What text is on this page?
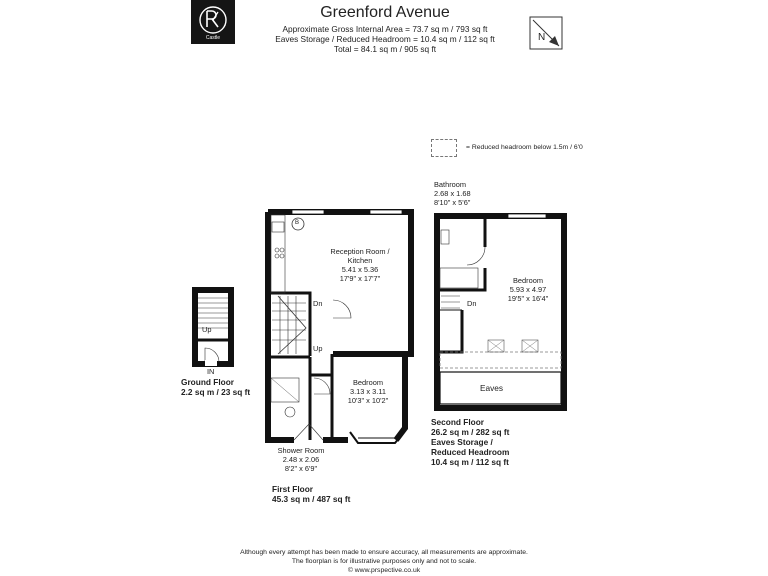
Castle
Greenford Avenue
Approximate Gross Internal Area = 73.7 sq m / 793 sq ft
Eaves Storage / Reduced Headroom = 10.4 sq m / 112 sq ft
Total = 84.1 sq m / 905 sq ft
N
= Reduced headroom below 1.5m / 6'0
Up
IN
Ground Floor
2.2 sq m / 23 sq ft
B
Reception Room /
Kitchen
5.41 x 5.36
17'9" x 17'7"
Dn
Up
Bedroom
3.13 x 3.11
10'3" x 10'2"
Shower Room
2.48 x 2.06
8'2" x 6'9"
First Floor
45.3 sq m / 487 sq ft
Bathroom
2.68 x 1.68
8'10" x 5'6"
Bedroom
5.93 x 4.97
19'5" x 16'4"
Dn
Eaves
Second Floor
26.2 sq m / 282 sq ft
Eaves Storage /
Reduced Headroom
10.4 sq m / 112 sq ft
Although every attempt has been made to ensure accuracy, all measurements are approximate.
The floorplan is for illustrative purposes only and not to scale.
© www.prspective.co.uk
